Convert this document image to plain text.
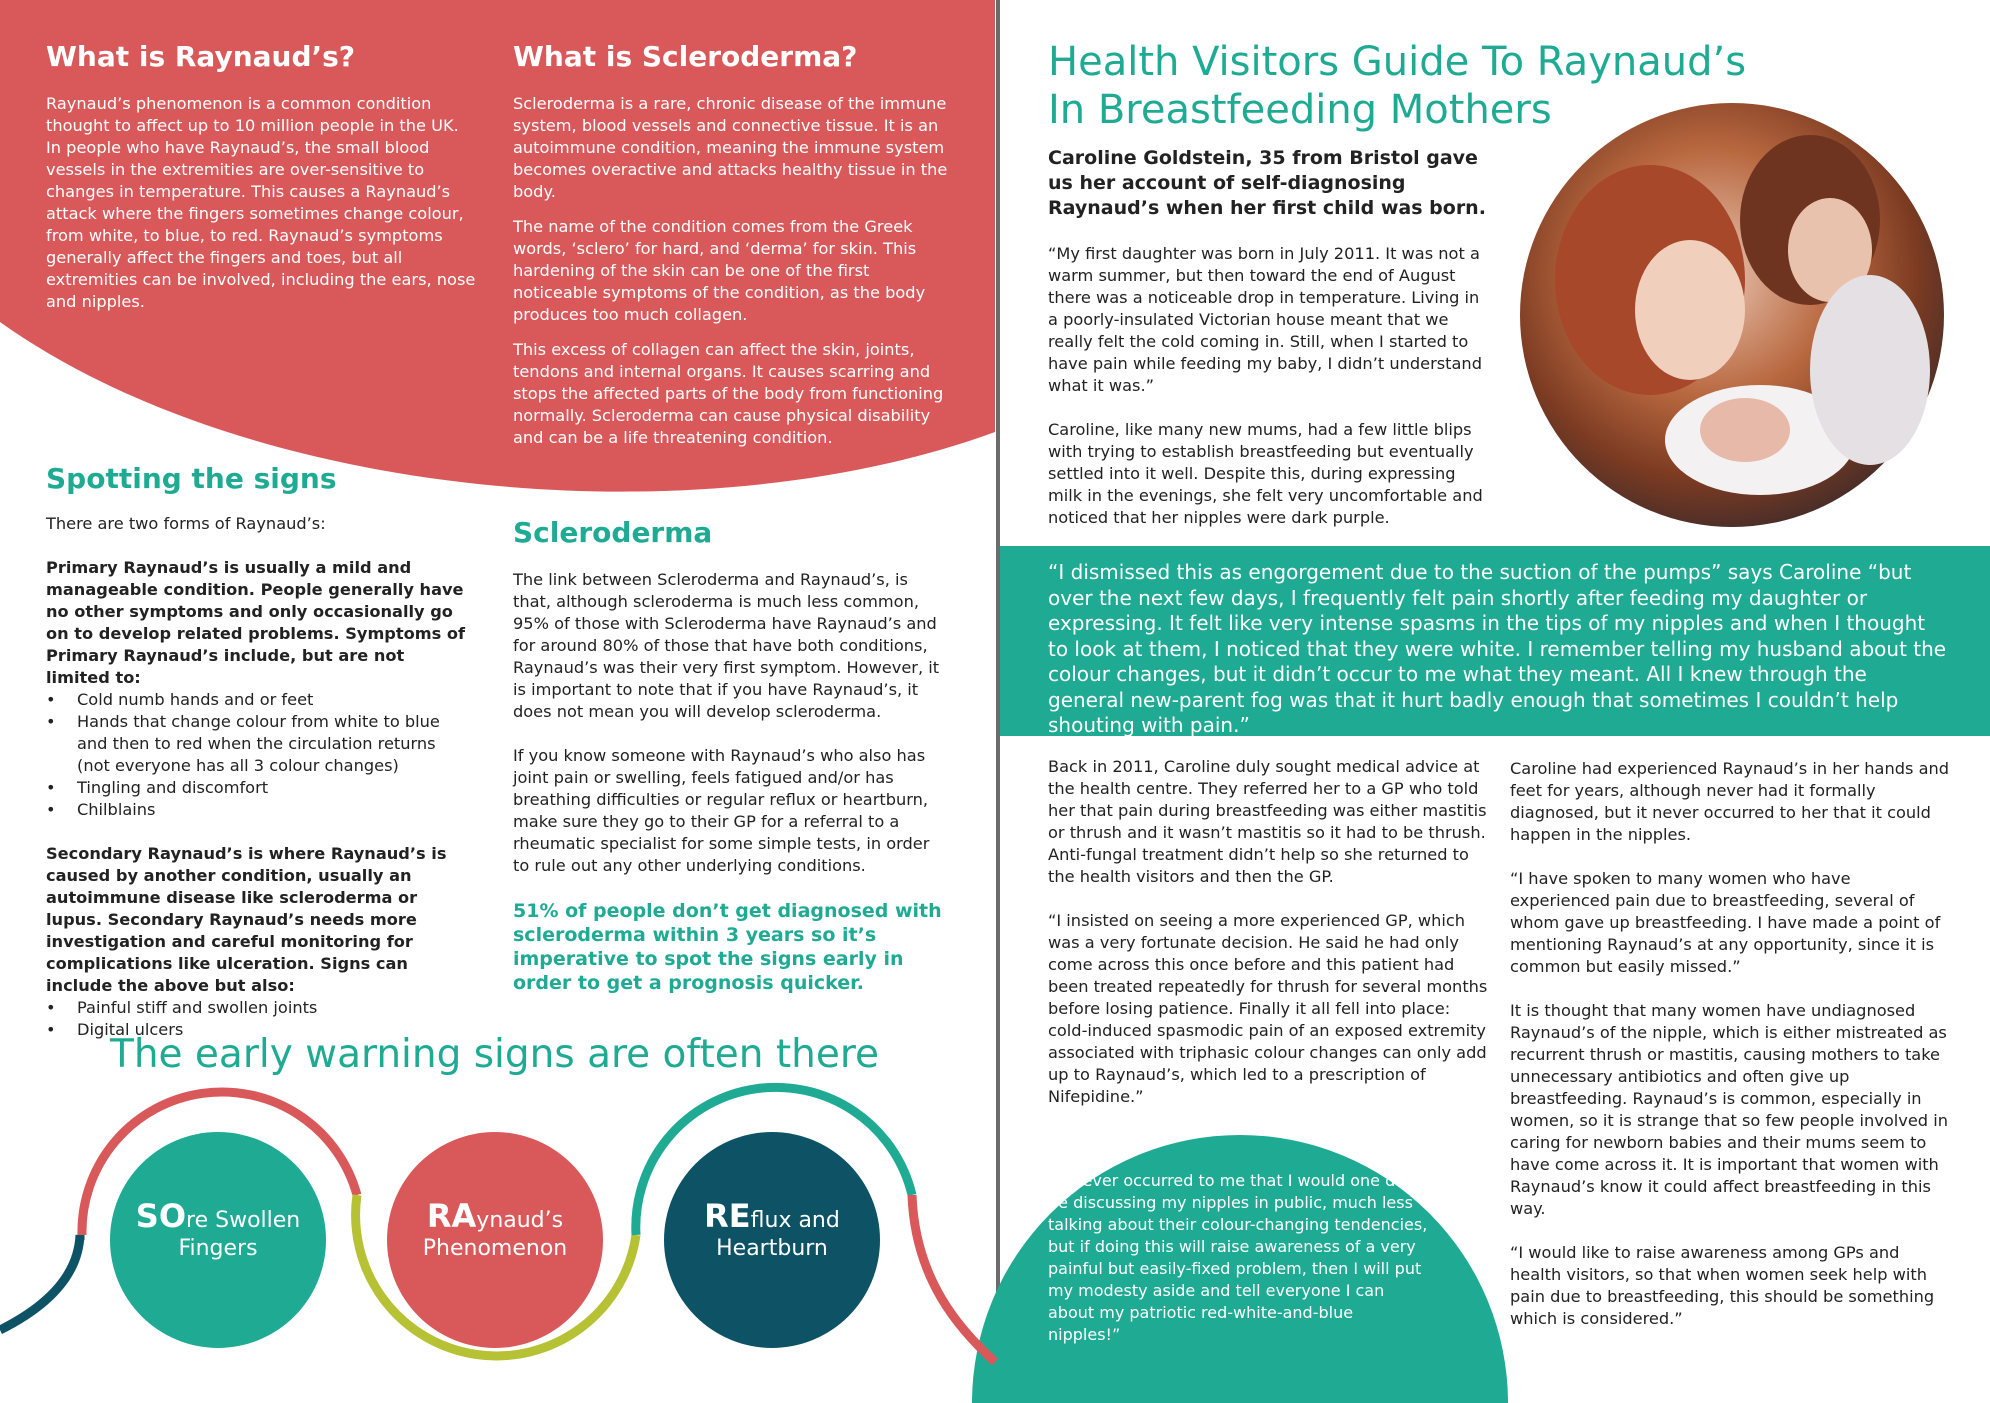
What is Raynaud’s?
Raynaud’s phenomenon is a common condition thought to affect up to 10 million people in the UK. In people who have Raynaud’s, the small blood vessels in the extremities are over-sensitive to changes in temperature. This causes a Raynaud’s attack where the fingers sometimes change colour, from white, to blue, to red. Raynaud’s symptoms generally affect the fingers and toes, but all extremities can be involved, including the ears, nose and nipples.
What is Scleroderma?

Scleroderma is a rare, chronic disease of the immune system, blood vessels and connective tissue. It is an autoimmune condition, meaning the immune system becomes overactive and attacks healthy tissue in the body.

The name of the condition comes from the Greek words, ‘sclero’ for hard, and ‘derma’ for skin. This hardening of the skin can be one of the first noticeable symptoms of the condition, as the body produces too much collagen.

This excess of collagen can affect the skin, joints, tendons and internal organs. It causes scarring and stops the affected parts of the body from functioning normally. Scleroderma can cause physical disability and can be a life threatening condition.

Spotting the signs

There are two forms of Raynaud’s:

Primary Raynaud’s is usually a mild and manageable condition. People generally have no other symptoms and only occasionally go on to develop related problems. Symptoms of Primary Raynaud’s include, but are not limited to:

• Cold numb hands and or feet
• Hands that change colour from white to blue and then to red when the circulation returns (not everyone has all 3 colour changes)
• Tingling and discomfort
• Chilblains

Secondary Raynaud’s is where Raynaud’s is caused by another condition, usually an autoimmune disease like scleroderma or lupus. Secondary Raynaud’s needs more investigation and careful monitoring for complications like ulceration. Signs can include the above but also:

• Painful stiff and swollen joints
• Digital ulcers
Scleroderma

The link between Scleroderma and Raynaud’s, is that, although scleroderma is much less common, 95% of those with Scleroderma have Raynaud’s and for around 80% of those that have both conditions, Raynaud’s was their very first symptom. However, it is important to note that if you have Raynaud’s, it does not mean you will develop scleroderma.

If you know someone with Raynaud’s who also has joint pain or swelling, feels fatigued and/or has breathing difficulties or regular reflux or heartburn, make sure they go to their GP for a referral to a rheumatic specialist for some simple tests, in order to rule out any other underlying conditions.

51% of people don’t get diagnosed with scleroderma within 3 years so it’s imperative to spot the signs early in order to get a prognosis quicker.
The early warning signs are often there
SOre Swollen
Fingers
RAynaud’s
Phenomenon
REflux and
Heartburn
Health Visitors Guide To Raynaud’s
In Breastfeeding Mothers
Caroline Goldstein, 35 from Bristol gave us her account of self-diagnosing Raynaud’s when her first child was born.

“My first daughter was born in July 2011. It was not a warm summer, but then toward the end of August there was a noticeable drop in temperature. Living in a poorly-insulated Victorian house meant that we really felt the cold coming in. Still, when I started to have pain while feeding my baby, I didn’t understand what it was.”

Caroline, like many new mums, had a few little blips with trying to establish breastfeeding but eventually settled into it well. Despite this, during expressing milk in the evenings, she felt very uncomfortable and noticed that her nipples were dark purple.

“I dismissed this as engorgement due to the suction of the pumps” says Caroline “but over the next few days, I frequently felt pain shortly after feeding my daughter or expressing. It felt like very intense spasms in the tips of my nipples and when I thought to look at them, I noticed that they were white. I remember telling my husband about the colour changes, but it didn’t occur to me what they meant. All I knew through the general new-parent fog was that it hurt badly enough that sometimes I couldn’t help shouting with pain.”

Back in 2011, Caroline duly sought medical advice at the health centre. They referred her to a GP who told her that pain during breastfeeding was either mastitis or thrush and it wasn’t mastitis so it had to be thrush. Anti-fungal treatment didn’t help so she returned to the health visitors and then the GP.

“I insisted on seeing a more experienced GP, which was a very fortunate decision. He said he had only come across this once before and this patient had been treated repeatedly for thrush for several months before losing patience. Finally it all fell into place: cold-induced spasmodic pain of an exposed extremity associated with triphasic colour changes can only add up to Raynaud’s, which led to a prescription of Nifepidine.”

“It never occurred to me that I would one day be discussing my nipples in public, much less talking about their colour-changing tendencies, but if doing this will raise awareness of a very painful but easily-fixed problem, then I will put my modesty aside and tell everyone I can about my patriotic red-white-and-blue nipples!”

Caroline had experienced Raynaud’s in her hands and feet for years, although never had it formally diagnosed, but it never occurred to her that it could happen in the nipples.

“I have spoken to many women who have experienced pain due to breastfeeding, several of whom gave up breastfeeding. I have made a point of mentioning Raynaud’s at any opportunity, since it is common but easily missed.”

It is thought that many women have undiagnosed Raynaud’s of the nipple, which is either mistreated as recurrent thrush or mastitis, causing mothers to take unnecessary antibiotics and often give up breastfeeding. Raynaud’s is common, especially in women, so it is strange that so few people involved in caring for newborn babies and their mums seem to have come across it. It is important that women with Raynaud’s know it could affect breastfeeding in this way.

“I would like to raise awareness among GPs and health visitors, so that when women seek help with pain due to breastfeeding, this should be something which is considered.”
